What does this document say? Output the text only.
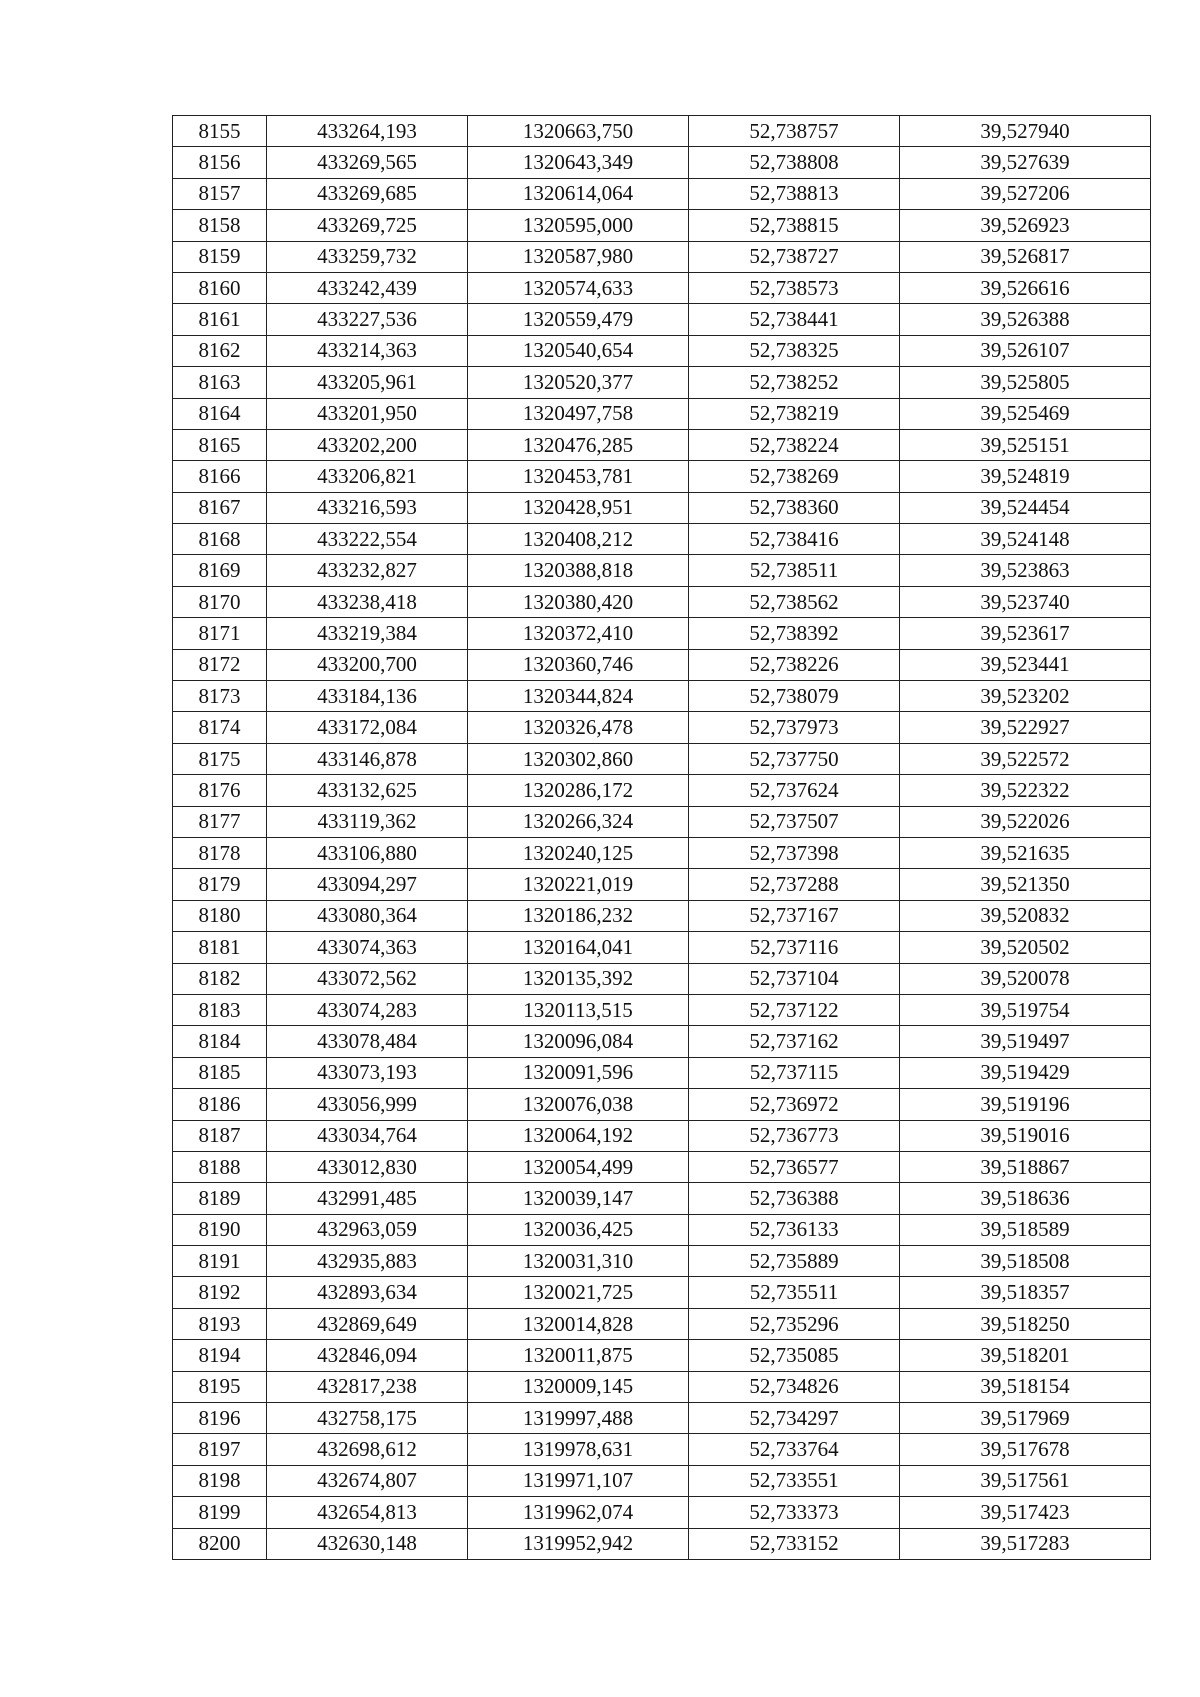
8155	433264,193	1320663,750	52,738757	39,527940
8156	433269,565	1320643,349	52,738808	39,527639
8157	433269,685	1320614,064	52,738813	39,527206
8158	433269,725	1320595,000	52,738815	39,526923
8159	433259,732	1320587,980	52,738727	39,526817
8160	433242,439	1320574,633	52,738573	39,526616
8161	433227,536	1320559,479	52,738441	39,526388
8162	433214,363	1320540,654	52,738325	39,526107
8163	433205,961	1320520,377	52,738252	39,525805
8164	433201,950	1320497,758	52,738219	39,525469
8165	433202,200	1320476,285	52,738224	39,525151
8166	433206,821	1320453,781	52,738269	39,524819
8167	433216,593	1320428,951	52,738360	39,524454
8168	433222,554	1320408,212	52,738416	39,524148
8169	433232,827	1320388,818	52,738511	39,523863
8170	433238,418	1320380,420	52,738562	39,523740
8171	433219,384	1320372,410	52,738392	39,523617
8172	433200,700	1320360,746	52,738226	39,523441
8173	433184,136	1320344,824	52,738079	39,523202
8174	433172,084	1320326,478	52,737973	39,522927
8175	433146,878	1320302,860	52,737750	39,522572
8176	433132,625	1320286,172	52,737624	39,522322
8177	433119,362	1320266,324	52,737507	39,522026
8178	433106,880	1320240,125	52,737398	39,521635
8179	433094,297	1320221,019	52,737288	39,521350
8180	433080,364	1320186,232	52,737167	39,520832
8181	433074,363	1320164,041	52,737116	39,520502
8182	433072,562	1320135,392	52,737104	39,520078
8183	433074,283	1320113,515	52,737122	39,519754
8184	433078,484	1320096,084	52,737162	39,519497
8185	433073,193	1320091,596	52,737115	39,519429
8186	433056,999	1320076,038	52,736972	39,519196
8187	433034,764	1320064,192	52,736773	39,519016
8188	433012,830	1320054,499	52,736577	39,518867
8189	432991,485	1320039,147	52,736388	39,518636
8190	432963,059	1320036,425	52,736133	39,518589
8191	432935,883	1320031,310	52,735889	39,518508
8192	432893,634	1320021,725	52,735511	39,518357
8193	432869,649	1320014,828	52,735296	39,518250
8194	432846,094	1320011,875	52,735085	39,518201
8195	432817,238	1320009,145	52,734826	39,518154
8196	432758,175	1319997,488	52,734297	39,517969
8197	432698,612	1319978,631	52,733764	39,517678
8198	432674,807	1319971,107	52,733551	39,517561
8199	432654,813	1319962,074	52,733373	39,517423
8200	432630,148	1319952,942	52,733152	39,517283
